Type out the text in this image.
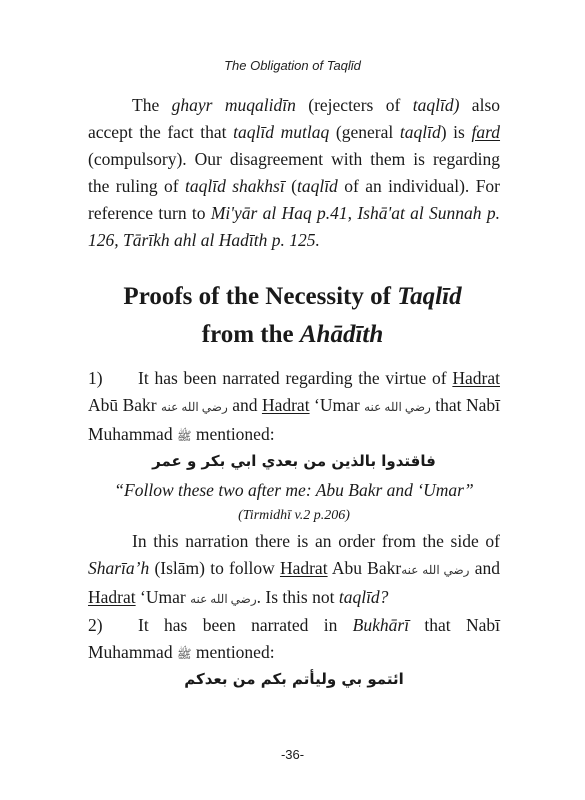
The Obligation of Taqlīd

The ghayr muqalidīn (rejecters of taqlīd) also accept the fact that taqlīd mutlaq (general taqlīd) is fard (compulsory). Our disagreement with them is regarding the ruling of taqlīd shakhsī (taqlīd of an individual). For reference turn to Mi'yār al Haq p.41, Ishā'at al Sunnah p. 126, Tārīkh ahl al Hadīth p. 125.

Proofs of the Necessity of Taqlīd
from the Ahādīth

1) It has been narrated regarding the virtue of Hadrat Abū Bakr رضي الله عنه and Hadrat ‘Umar رضي الله عنه that Nabī Muhammad ﷺ mentioned:

فاقتدوا بالذين من بعدي ابي بكر و عمر
“Follow these two after me: Abu Bakr and ‘Umar”
(Tirmidhī v.2 p.206)

In this narration there is an order from the side of Sharīa’h (Islām) to follow Hadrat Abu Bakrرضي الله عنه and Hadrat ‘Umar رضي الله عنه. Is this not taqlīd?

2) It has been narrated in Bukhārī that Nabī Muhammad ﷺ mentioned:

ائتمو بي وليأتم بكم من بعدكم
-36-
